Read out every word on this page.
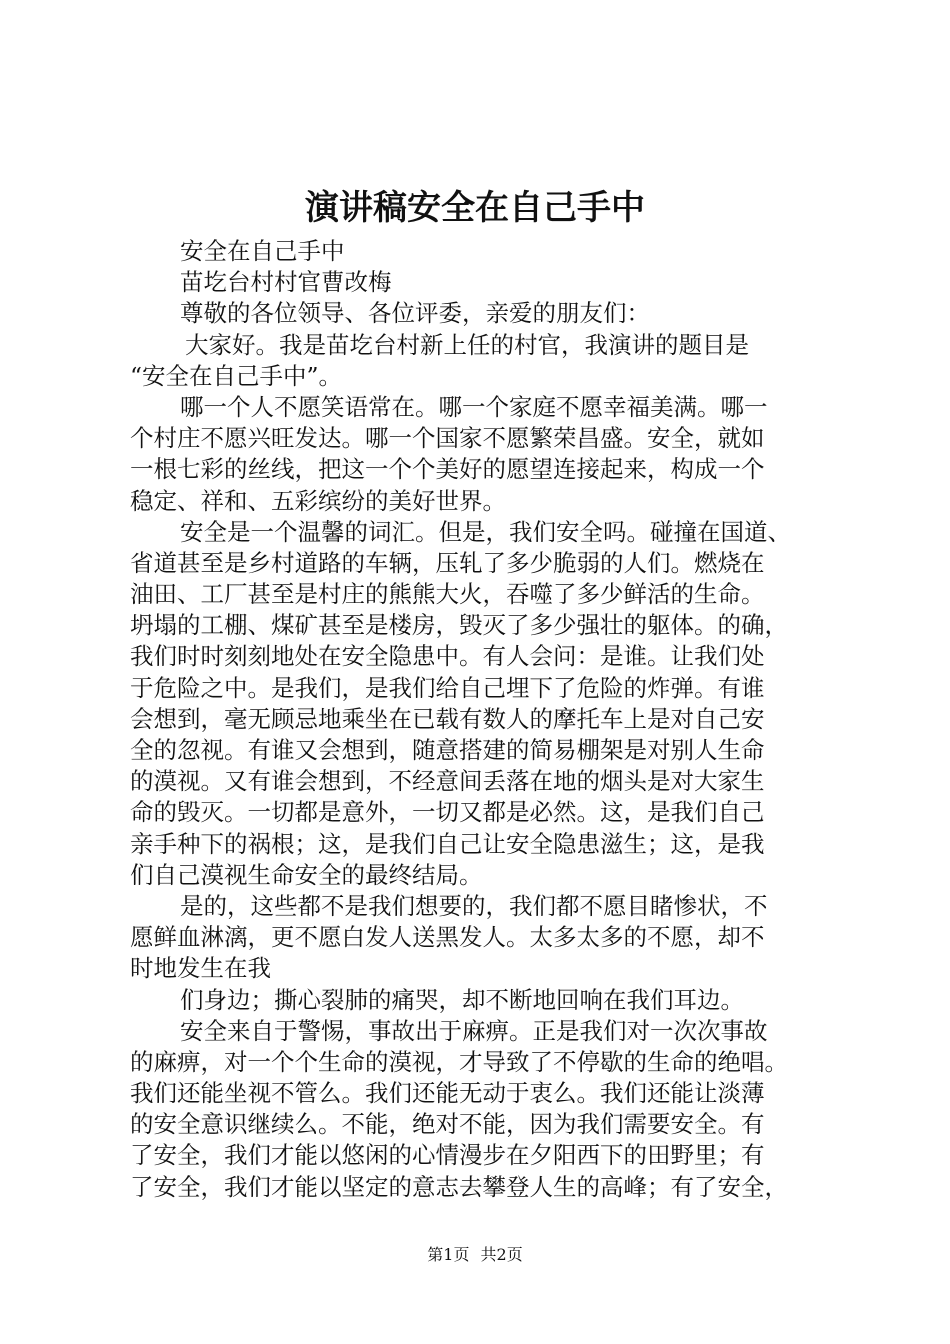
演讲稿安全在自己手中
安全在自己手中
苗圪台村村官曹改梅
尊敬的各位领导、各位评委，亲爱的朋友们：
大家好。我是苗圪台村新上任的村官，我演讲的题目是
“安全在自己手中”。
哪一个人不愿笑语常在。哪一个家庭不愿幸福美满。哪一
个村庄不愿兴旺发达。哪一个国家不愿繁荣昌盛。安全，就如
一根七彩的丝线，把这一个个美好的愿望连接起来，构成一个
稳定、祥和、五彩缤纷的美好世界。
安全是一个温馨的词汇。但是，我们安全吗。碰撞在国道、
省道甚至是乡村道路的车辆，压轧了多少脆弱的人们。燃烧在
油田、工厂甚至是村庄的熊熊大火，吞噬了多少鲜活的生命。
坍塌的工棚、煤矿甚至是楼房，毁灭了多少强壮的躯体。的确，
我们时时刻刻地处在安全隐患中。有人会问：是谁。让我们处
于危险之中。是我们，是我们给自己埋下了危险的炸弹。有谁
会想到，毫无顾忌地乘坐在已载有数人的摩托车上是对自己安
全的忽视。有谁又会想到，随意搭建的简易棚架是对别人生命
的漠视。又有谁会想到，不经意间丢落在地的烟头是对大家生
命的毁灭。一切都是意外，一切又都是必然。这，是我们自己
亲手种下的祸根；这，是我们自己让安全隐患滋生；这，是我
们自己漠视生命安全的最终结局。
是的，这些都不是我们想要的，我们都不愿目睹惨状，不
愿鲜血淋漓，更不愿白发人送黑发人。太多太多的不愿，却不
时地发生在我
们身边；撕心裂肺的痛哭，却不断地回响在我们耳边。
安全来自于警惕，事故出于麻痹。正是我们对一次次事故
的麻痹，对一个个生命的漠视，才导致了不停歇的生命的绝唱。
我们还能坐视不管么。我们还能无动于衷么。我们还能让淡薄
的安全意识继续么。不能，绝对不能，因为我们需要安全。有
了安全，我们才能以悠闲的心情漫步在夕阳西下的田野里；有
了安全，我们才能以坚定的意志去攀登人生的高峰；有了安全，
第1页 共2页
